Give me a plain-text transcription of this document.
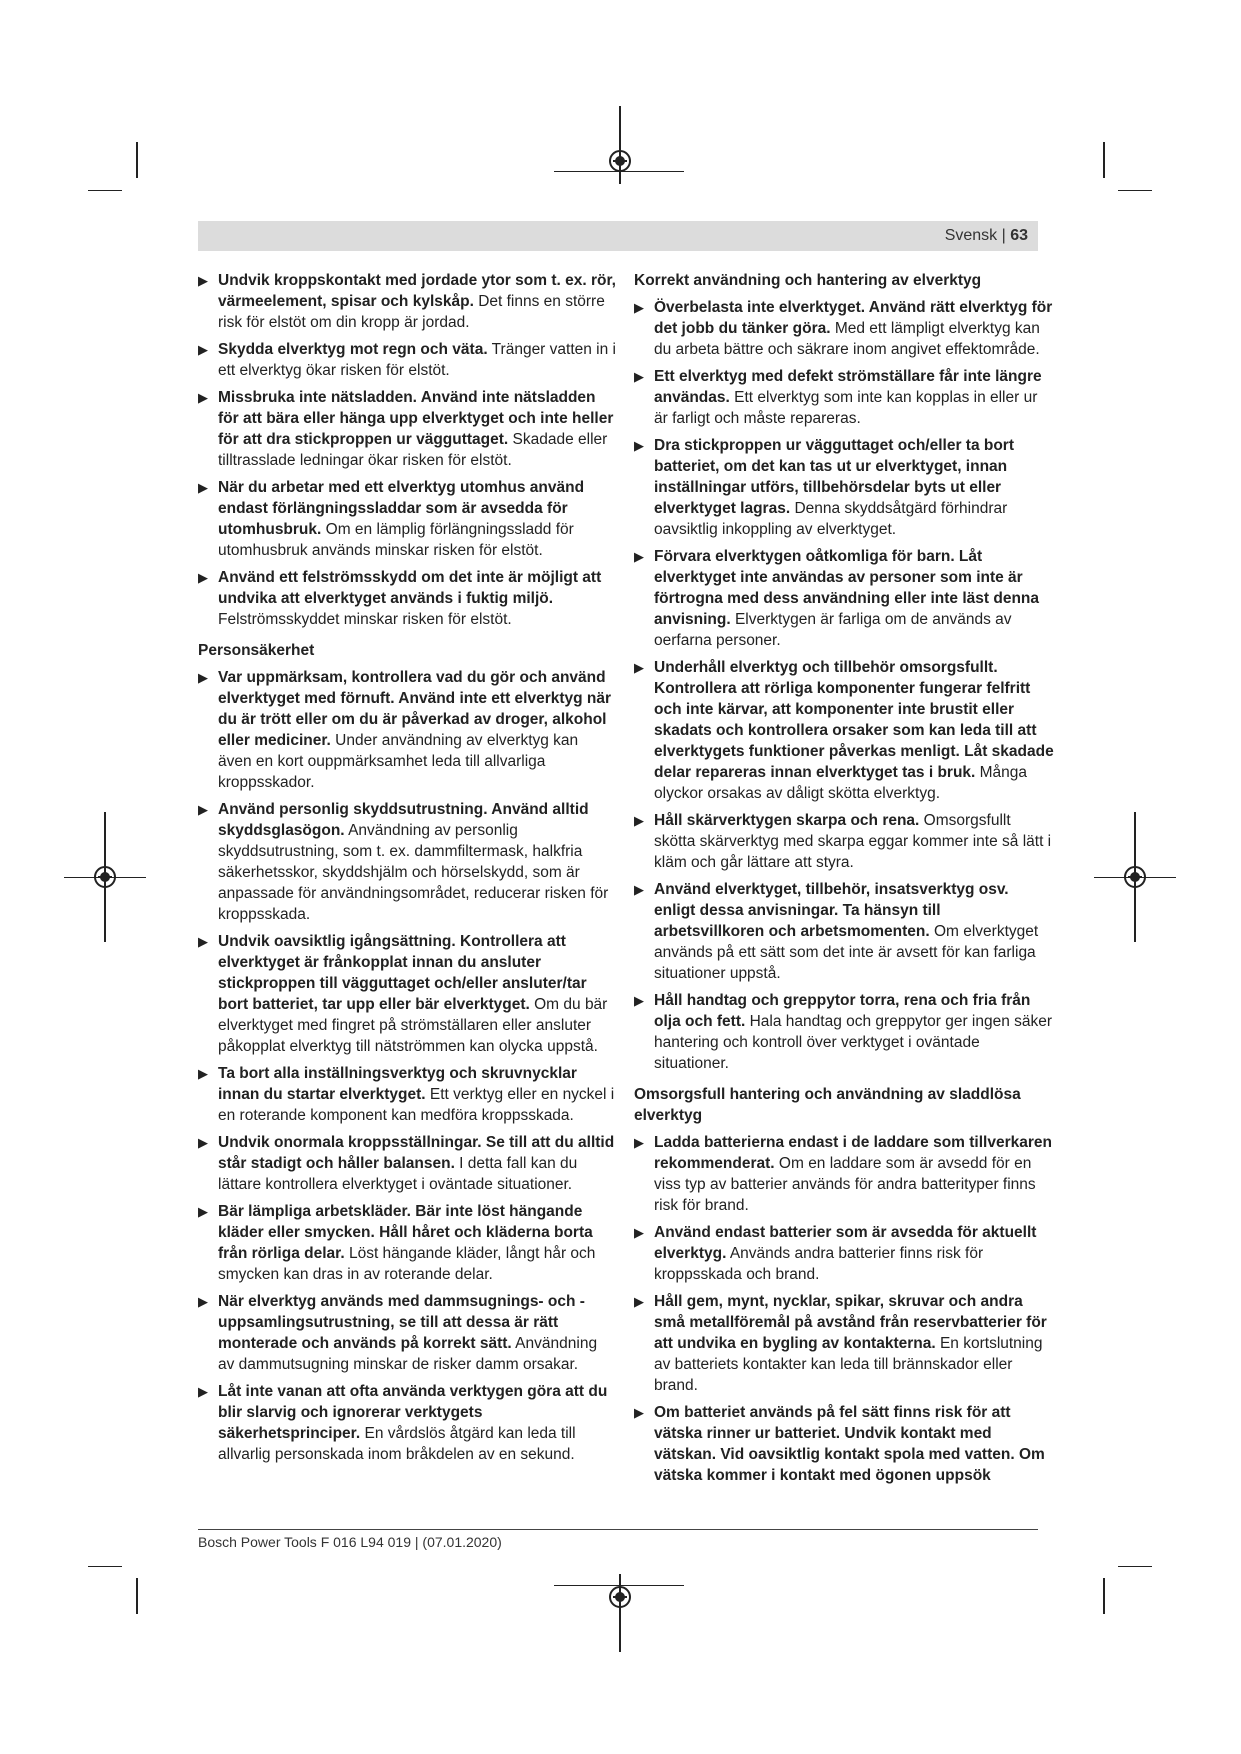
Svensk | 63
▶ Undvik kroppskontakt med jordade ytor som t. ex. rör, värmeelement, spisar och kylskåp. Det finns en större risk för elstöt om din kropp är jordad.
▶ Skydda elverktyg mot regn och väta. Tränger vatten in i ett elverktyg ökar risken för elstöt.
▶ Missbruka inte nätsladden. Använd inte nätsladden för att bära eller hänga upp elverktyget och inte heller för att dra stickproppen ur vägguttaget. Skadade eller tilltrasslade ledningar ökar risken för elstöt.
▶ När du arbetar med ett elverktyg utomhus använd endast förlängningssladdar som är avsedda för utomhusbruk. Om en lämplig förlängningssladd för utomhusbruk används minskar risken för elstöt.
▶ Använd ett felströmsskydd om det inte är möjligt att undvika att elverktyget används i fuktig miljö. Felströmsskyddet minskar risken för elstöt.
Personsäkerhet
▶ Var uppmärksam, kontrollera vad du gör och använd elverktyget med förnuft. Använd inte ett elverktyg när du är trött eller om du är påverkad av droger, alkohol eller mediciner. Under användning av elverktyg kan även en kort ouppmärksamhet leda till allvarliga kroppsskador.
▶ Använd personlig skyddsutrustning. Använd alltid skyddsglasögon. Användning av personlig skyddsutrustning, som t. ex. dammfiltermask, halkfria säkerhetsskor, skyddshjälm och hörselskydd, som är anpassade för användningsområdet, reducerar risken för kroppsskada.
▶ Undvik oavsiktlig igångsättning. Kontrollera att elverktyget är frånkopplat innan du ansluter stickproppen till vägguttaget och/eller ansluter/tar bort batteriet, tar upp eller bär elverktyget. Om du bär elverktyget med fingret på strömställaren eller ansluter påkopplat elverktyg till nätströmmen kan olycka uppstå.
▶ Ta bort alla inställningsverktyg och skruvnycklar innan du startar elverktyget. Ett verktyg eller en nyckel i en roterande komponent kan medföra kroppsskada.
▶ Undvik onormala kroppsställningar. Se till att du alltid står stadigt och håller balansen. I detta fall kan du lättare kontrollera elverktyget i oväntade situationer.
▶ Bär lämpliga arbetskläder. Bär inte löst hängande kläder eller smycken. Håll håret och kläderna borta från rörliga delar. Löst hängande kläder, långt hår och smycken kan dras in av roterande delar.
▶ När elverktyg används med dammsugnings- och -uppsamlingsutrustning, se till att dessa är rätt monterade och används på korrekt sätt. Användning av dammutsugning minskar de risker damm orsakar.
▶ Låt inte vanan att ofta använda verktygen göra att du blir slarvig och ignorerar verktygets säkerhetsprinciper. En vårdslös åtgärd kan leda till allvarlig personskada inom bråkdelen av en sekund.
Korrekt användning och hantering av elverktyg
▶ Överbelasta inte elverktyget. Använd rätt elverktyg för det jobb du tänker göra. Med ett lämpligt elverktyg kan du arbeta bättre och säkrare inom angivet effektområde.
▶ Ett elverktyg med defekt strömställare får inte längre användas. Ett elverktyg som inte kan kopplas in eller ur är farligt och måste repareras.
▶ Dra stickproppen ur vägguttaget och/eller ta bort batteriet, om det kan tas ut ur elverktyget, innan inställningar utförs, tillbehörsdelar byts ut eller elverktyget lagras. Denna skyddsåtgärd förhindrar oavsiktlig inkoppling av elverktyget.
▶ Förvara elverktygen oåtkomliga för barn. Låt elverktyget inte användas av personer som inte är förtrogna med dess användning eller inte läst denna anvisning. Elverktygen är farliga om de används av oerfarna personer.
▶ Underhåll elverktyg och tillbehör omsorgsfullt. Kontrollera att rörliga komponenter fungerar felfritt och inte kärvar, att komponenter inte brustit eller skadats och kontrollera orsaker som kan leda till att elverktygets funktioner påverkas menligt. Låt skadade delar repareras innan elverktyget tas i bruk. Många olyckor orsakas av dåligt skötta elverktyg.
▶ Håll skärverktygen skarpa och rena. Omsorgsfullt skötta skärverktyg med skarpa eggar kommer inte så lätt i kläm och går lättare att styra.
▶ Använd elverktyget, tillbehör, insatsverktyg osv. enligt dessa anvisningar. Ta hänsyn till arbetsvillkoren och arbetsmomenten. Om elverktyget används på ett sätt som det inte är avsett för kan farliga situationer uppstå.
▶ Håll handtag och greppytor torra, rena och fria från olja och fett. Hala handtag och greppytor ger ingen säker hantering och kontroll över verktyget i oväntade situationer.
Omsorgsfull hantering och användning av sladdlösa elverktyg
▶ Ladda batterierna endast i de laddare som tillverkaren rekommenderat. Om en laddare som är avsedd för en viss typ av batterier används för andra batterityper finns risk för brand.
▶ Använd endast batterier som är avsedda för aktuellt elverktyg. Används andra batterier finns risk för kroppsskada och brand.
▶ Håll gem, mynt, nycklar, spikar, skruvar och andra små metallföremål på avstånd från reservbatterier för att undvika en bygling av kontakterna. En kortslutning av batteriets kontakter kan leda till brännskador eller brand.
▶ Om batteriet används på fel sätt finns risk för att vätska rinner ur batteriet. Undvik kontakt med vätskan. Vid oavsiktlig kontakt spola med vatten. Om vätska kommer i kontakt med ögonen uppsök
Bosch Power Tools F 016 L94 019 | (07.01.2020)
